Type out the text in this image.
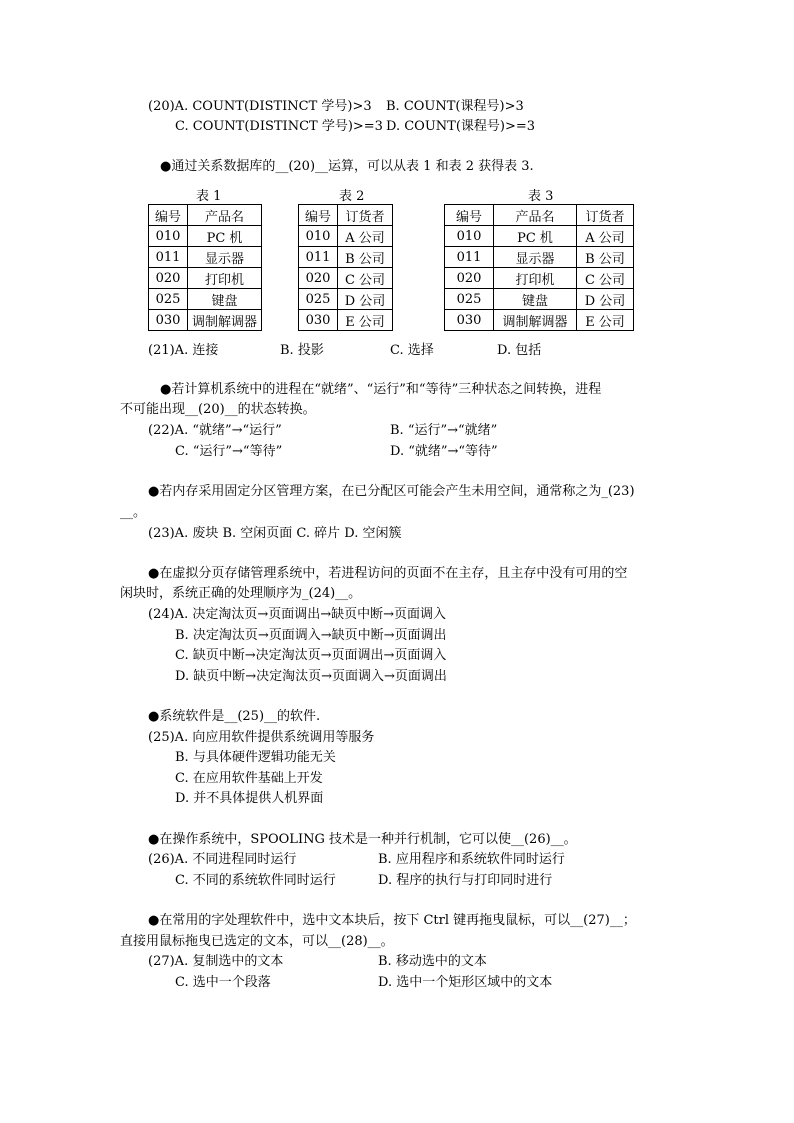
(20)A. COUNT(DISTINCT 学号)>3 B. COUNT(课程号)>3
C. COUNT(DISTINCT 学号)>=3 D. COUNT(课程号)>=3
●通过关系数据库的__(20)__运算，可以从表 1 和表 2 获得表 3.
表 1	表 2	表 3
编号	产品名
010	PC 机
011	显示器
020	打印机
025	键盘
030	调制解调器
编号	订货者
010	A 公司
011	B 公司
020	C 公司
025	D 公司
030	E 公司
编号	产品名	订货者
010	PC 机	A 公司
011	显示器	B 公司
020	打印机	C 公司
025	键盘	D 公司
030	调制解调器	E 公司
(21)A. 连接	B. 投影	C. 选择	D. 包括
●若计算机系统中的进程在“就绪”、“运行”和“等待”三种状态之间转换，进程
不可能出现__(20)__的状态转换。
(22)A. “就绪”→“运行”	B. “运行”→“就绪”
C. “运行”→“等待”	D. “就绪”→“等待”
●若内存采用固定分区管理方案，在已分配区可能会产生未用空间，通常称之为_(23)
__。
(23)A. 废块 B. 空闲页面 C. 碎片 D. 空闲簇
●在虚拟分页存储管理系统中，若进程访问的页面不在主存，且主存中没有可用的空
闲块时，系统正确的处理顺序为_(24)__。
(24)A. 决定淘汰页→页面调出→缺页中断→页面调入
B. 决定淘汰页→页面调入→缺页中断→页面调出
C. 缺页中断→决定淘汰页→页面调出→页面调入
D. 缺页中断→决定淘汰页→页面调入→页面调出
●系统软件是__(25)__的软件.
(25)A. 向应用软件提供系统调用等服务
B. 与具体硬件逻辑功能无关
C. 在应用软件基础上开发
D. 并不具体提供人机界面
●在操作系统中，SPOOLING 技术是一种并行机制，它可以使__(26)__。
(26)A. 不同进程同时运行	B. 应用程序和系统软件同时运行
C. 不同的系统软件同时运行	D. 程序的执行与打印同时进行
●在常用的字处理软件中，选中文本块后，按下 Ctrl 键再拖曳鼠标，可以__(27)__；
直接用鼠标拖曳已选定的文本，可以__(28)__。
(27)A. 复制选中的文本	B. 移动选中的文本
C. 选中一个段落	D. 选中一个矩形区域中的文本
